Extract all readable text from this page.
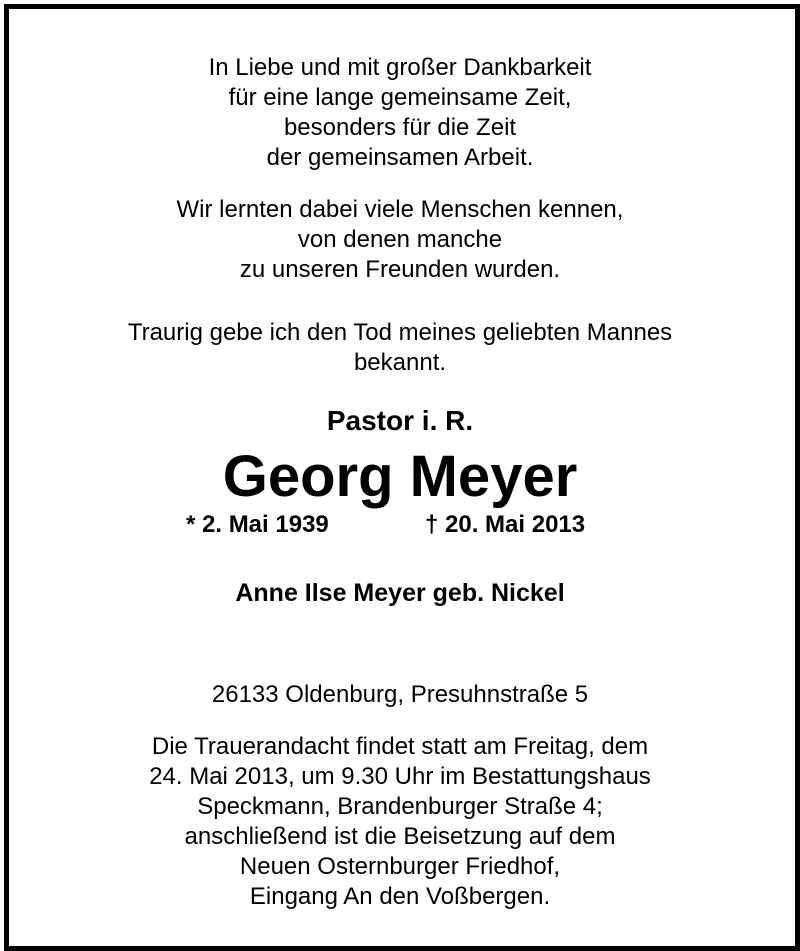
In Liebe und mit großer Dankbarkeit
für eine lange gemeinsame Zeit,
besonders für die Zeit
der gemeinsamen Arbeit.
Wir lernten dabei viele Menschen kennen,
von denen manche
zu unseren Freunden wurden.
Traurig gebe ich den Tod meines geliebten Mannes
bekannt.
Pastor i. R.
Georg Meyer
* 2. Mai 1939	† 20. Mai 2013
Anne Ilse Meyer geb. Nickel
26133 Oldenburg, Presuhnstraße 5
Die Trauerandacht findet statt am Freitag, dem
24. Mai 2013, um 9.30 Uhr im Bestattungshaus
Speckmann, Brandenburger Straße 4;
anschließend ist die Beisetzung auf dem
Neuen Osternburger Friedhof,
Eingang An den Voßbergen.
